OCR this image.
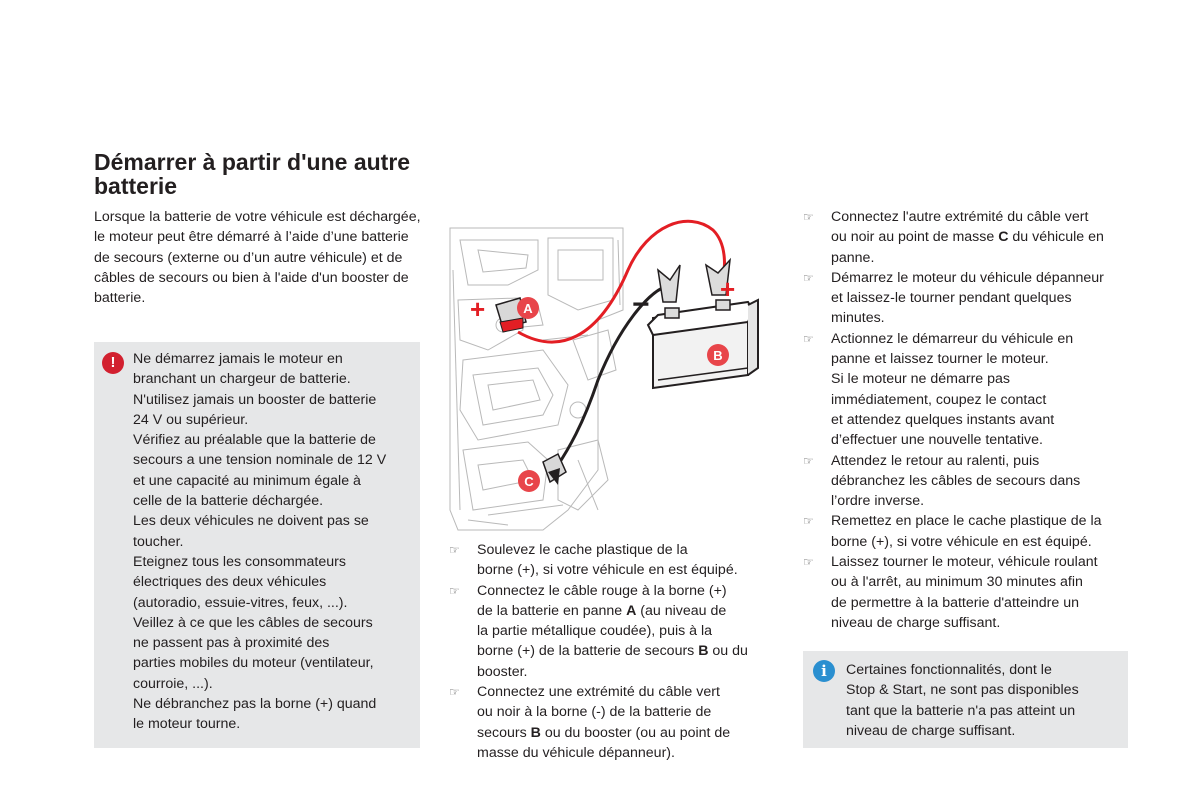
Démarrer à partir d'une autre batterie

Lorsque la batterie de votre véhicule est déchargée, le moteur peut être démarré à l’aide d’une batterie de secours (externe ou d’un autre véhicule) et de câbles de secours ou bien à l'aide d'un booster de batterie.

!	Ne démarrez jamais le moteur en
branchant un chargeur de batterie.
N'utilisez jamais un booster de batterie
24 V ou supérieur.
Vérifiez au préalable que la batterie de
secours a une tension nominale de 12 V
et une capacité au minimum égale à
celle de la batterie déchargée.
Les deux véhicules ne doivent pas se
toucher.
Eteignez tous les consommateurs
électriques des deux véhicules
(autoradio, essuie-vitres, feux, ...).
Veillez à ce que les câbles de secours
ne passent pas à proximité des
parties mobiles du moteur (ventilateur,
courroie, ...).
Ne débranchez pas la borne (+) quand
le moteur tourne.

+
+
−
A
B
C
☞ Soulevez le cache plastique de la
borne (+), si votre véhicule en est équipé.
☞ Connectez le câble rouge à la borne (+)
de la batterie en panne A (au niveau de
la partie métallique coudée), puis à la
borne (+) de la batterie de secours B ou du
booster.
☞ Connectez une extrémité du câble vert
ou noir à la borne (-) de la batterie de
secours B ou du booster (ou au point de
masse du véhicule dépanneur).
☞ Connectez l'autre extrémité du câble vert
ou noir au point de masse C du véhicule en
panne.
☞ Démarrez le moteur du véhicule dépanneur
et laissez-le tourner pendant quelques
minutes.
☞ Actionnez le démarreur du véhicule en
panne et laissez tourner le moteur.
Si le moteur ne démarre pas
immédiatement, coupez le contact
et attendez quelques instants avant
d’effectuer une nouvelle tentative.
☞ Attendez le retour au ralenti, puis
débranchez les câbles de secours dans
l’ordre inverse.
☞ Remettez en place le cache plastique de la
borne (+), si votre véhicule en est équipé.
☞ Laissez tourner le moteur, véhicule roulant
ou à l'arrêt, au minimum 30 minutes afin
de permettre à la batterie d'atteindre un
niveau de charge suffisant.
i	Certaines fonctionnalités, dont le
Stop & Start, ne sont pas disponibles
tant que la batterie n'a pas atteint un
niveau de charge suffisant.
